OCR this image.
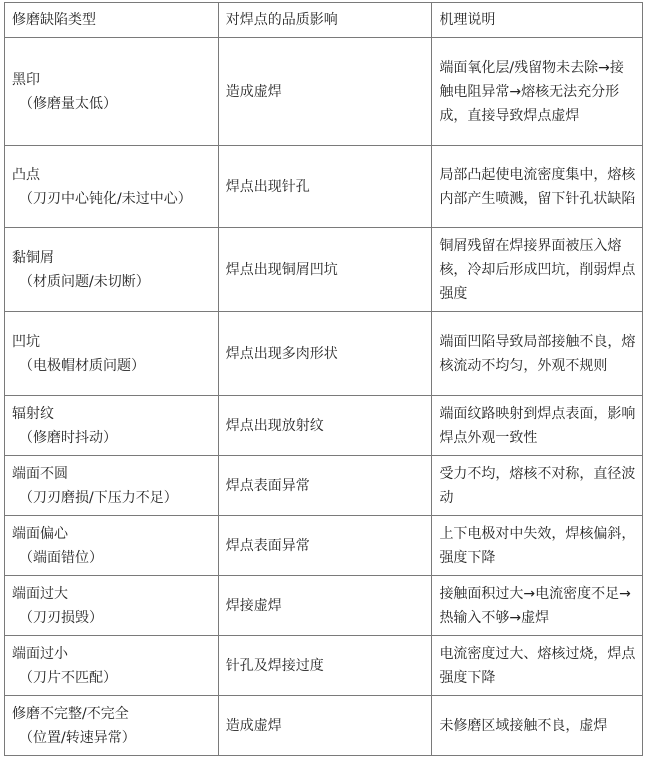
修磨缺陷类型	对焊点的品质影响	机理说明

黑印
（修磨量太低）	造成虚焊	端面氧化层/残留物未去除→接触电阻异常→熔核无法充分形成，直接导致焊点虚焊

凸点
（刀刃中心钝化/未过中心）	焊点出现针孔	局部凸起使电流密度集中，熔核内部产生喷溅，留下针孔状缺陷

黏铜屑
（材质问题/未切断）	焊点出现铜屑凹坑	铜屑残留在焊接界面被压入熔核，冷却后形成凹坑，削弱焊点强度

凹坑
（电极帽材质问题）	焊点出现多肉形状	端面凹陷导致局部接触不良，熔核流动不均匀，外观不规则

辐射纹
（修磨时抖动）	焊点出现放射纹	端面纹路映射到焊点表面，影响焊点外观一致性

端面不圆
（刀刃磨损/下压力不足）	焊点表面异常	受力不均，熔核不对称，直径波动

端面偏心
（端面错位）	焊点表面异常	上下电极对中失效，焊核偏斜，强度下降

端面过大
（刀刃损毁）	焊接虚焊	接触面积过大→电流密度不足→热输入不够→虚焊

端面过小
（刀片不匹配）	针孔及焊接过度	电流密度过大、熔核过烧，焊点强度下降

修磨不完整/不完全
（位置/转速异常）	造成虚焊	未修磨区域接触不良，虚焊
